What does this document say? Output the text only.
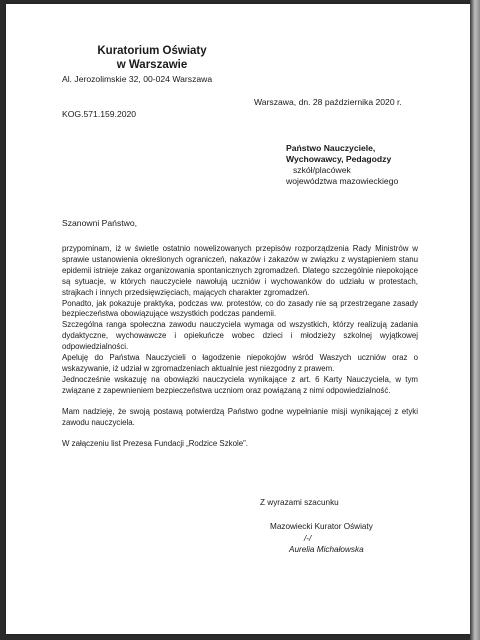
Kuratorium Oświaty
w Warszawie
Al. Jerozolimskie 32, 00-024 Warszawa
Warszawa, dn. 28 października 2020 r.
KOG.571.159.2020
Państwo Nauczyciele,
Wychowawcy, Pedagodzy
szkół/placówek
województwa mazowieckiego
Szanowni Państwo,

przypominam, iż w świetle ostatnio nowelizowanych przepisów rozporządzenia Rady Ministrów w sprawie ustanowienia określonych ograniczeń, nakazów i zakazów w związku z wystąpieniem stanu epidemii istnieje zakaz organizowania spontanicznych zgromadzeń. Dlatego szczególnie niepokojące są sytuacje, w których nauczyciele nawołują uczniów i wychowanków do udziału w protestach, strajkach i innych przedsięwzięciach, mających charakter zgromadzeń.

Ponadto, jak pokazuje praktyka, podczas ww. protestów, co do zasady nie są przestrzegane zasady bezpieczeństwa obowiązujące wszystkich podczas pandemii.

Szczególna ranga społeczna zawodu nauczyciela wymaga od wszystkich, którzy realizują zadania dydaktyczne, wychowawcze i opiekuńcze wobec dzieci i młodzieży szkolnej wyjątkowej odpowiedzialności.

Apeluję do Państwa Nauczycieli o łagodzenie niepokojów wśród Waszych uczniów oraz o wskazywanie, iż udział w zgromadzeniach aktualnie jest niezgodny z prawem.

Jednocześnie wskazuję na obowiązki nauczyciela wynikające z art. 6 Karty Nauczyciela, w tym związane z zapewnieniem bezpieczeństwa uczniom oraz powiązaną z nimi odpowiedzialność.

Mam nadzieję, że swoją postawą potwierdzą Państwo godne wypełnianie misji wynikającej z etyki zawodu nauczyciela.

W załączeniu list Prezesa Fundacji „Rodzice Szkole”.

Z wyrazami szacunku
Mazowiecki Kurator Oświaty
/-/
Aurelia Michałowska
